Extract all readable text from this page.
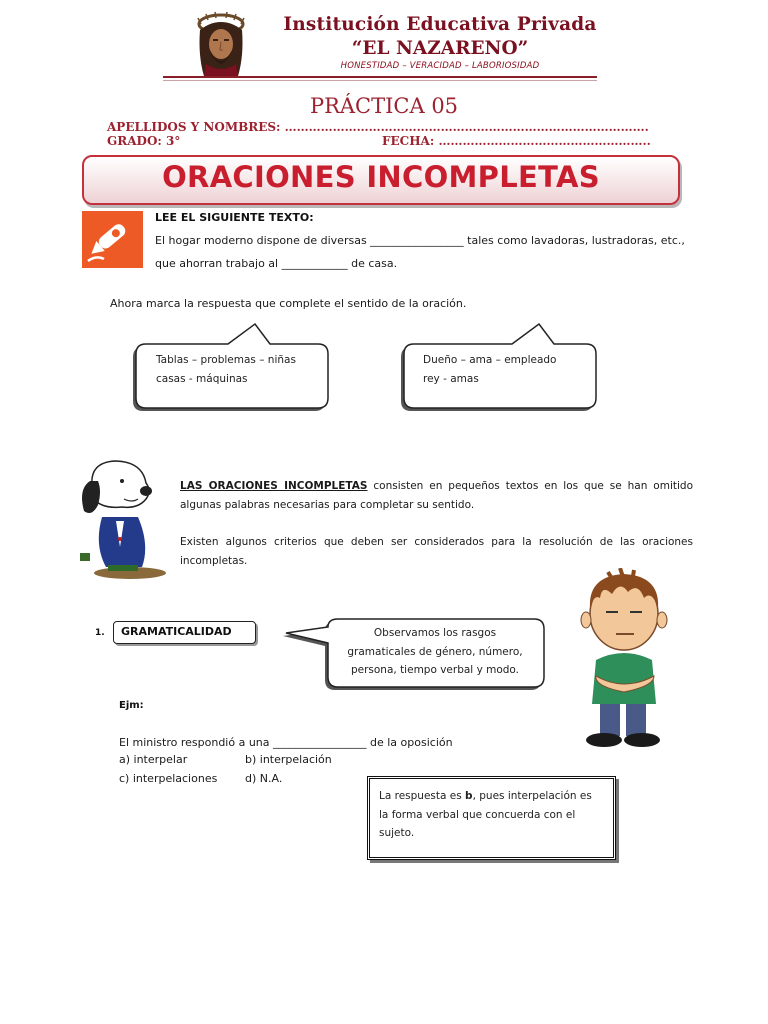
Institución Educativa Privada
“EL NAZARENO”
HONESTIDAD – VERACIDAD – LABORIOSIDAD
PRÁCTICA 05
APELLIDOS Y NOMBRES: ……………………………………………………………………………….
GRADO: 3°	FECHA: ……………………………………………..
ORACIONES INCOMPLETAS
LEE EL SIGUIENTE TEXTO:
El hogar moderno dispone de diversas _________________ tales como lavadoras, lustradoras, etc.,
que ahorran trabajo al ____________ de casa.
Ahora marca la respuesta que complete el sentido de la oración.
Tablas – problemas – niñas
casas - máquinas
Dueño – ama – empleado
rey - amas
LAS ORACIONES INCOMPLETAS consisten en pequeños textos en los que se han omitido algunas palabras necesarias para completar su sentido.
Existen algunos criterios que deben ser considerados para la resolución de las oraciones incompletas.
1. GRAMATICALIDAD	Observamos los rasgos
gramaticales de género, número,
persona, tiempo verbal y modo.
Ejm:
El ministro respondió a una _________________ de la oposición
a) interpelar	b) interpelación
c) interpelaciones	d) N.A.
La respuesta es b, pues interpelación es la forma verbal que concuerda con el sujeto.
